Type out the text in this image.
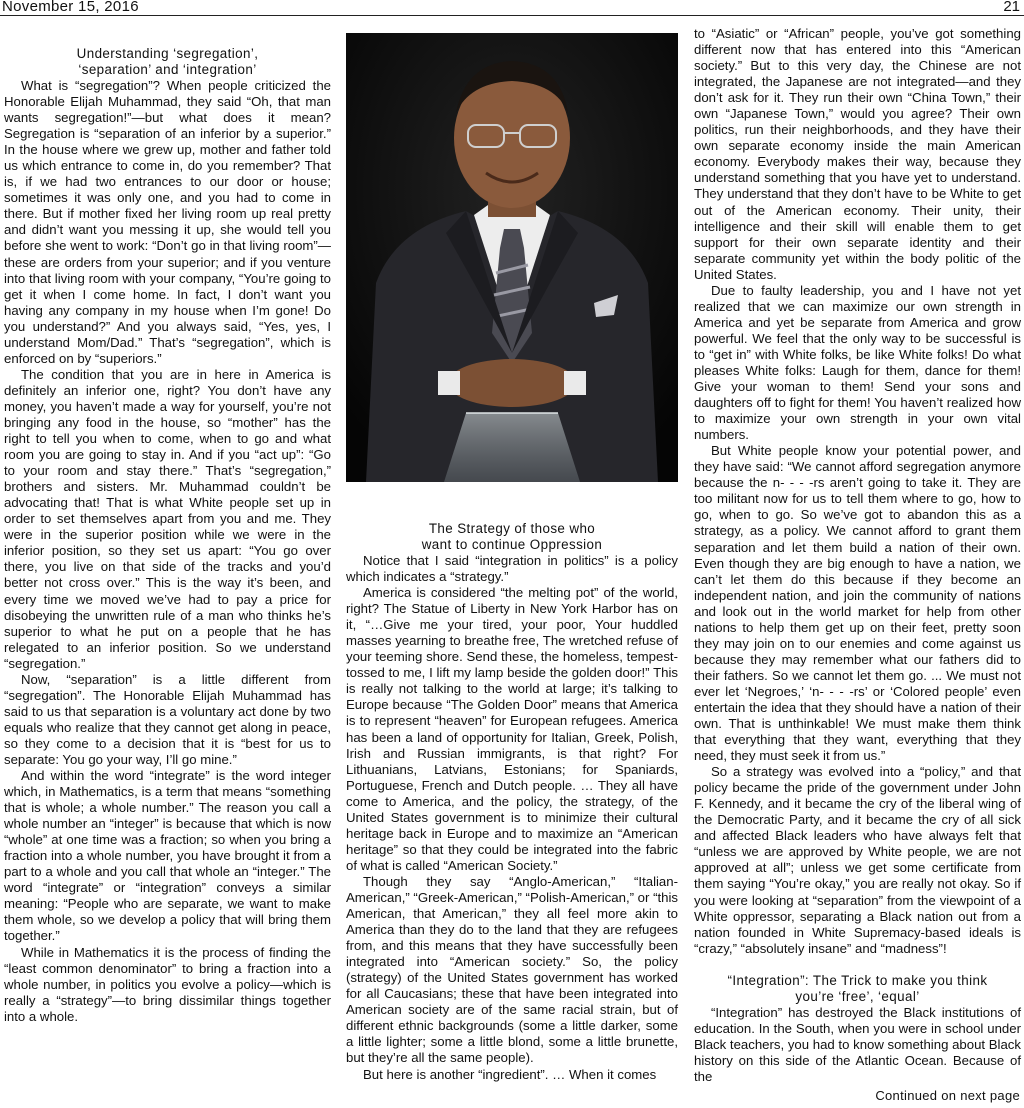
November 15, 2016	21
Understanding ‘segregation’,
‘separation’ and ‘integration’

What is “segregation”? When people criticized the Honorable Elijah Muhammad, they said “Oh, that man wants segregation!”—but what does it mean? Segregation is “separation of an inferior by a superior.” In the house where we grew up, mother and father told us which entrance to come in, do you remember? That is, if we had two entrances to our door or house; sometimes it was only one, and you had to come in there. But if mother fixed her living room up real pretty and didn’t want you messing it up, she would tell you before she went to work: “Don’t go in that living room”—these are orders from your superior; and if you venture into that living room with your company, “You’re going to get it when I come home. In fact, I don’t want you having any company in my house when I’m gone! Do you understand?” And you always said, “Yes, yes, I understand Mom/Dad.” That’s “segregation”, which is enforced on by “superiors.”

The condition that you are in here in America is definitely an inferior one, right? You don’t have any money, you haven’t made a way for yourself, you’re not bringing any food in the house, so “mother” has the right to tell you when to come, when to go and what room you are going to stay in. And if you “act up”: “Go to your room and stay there.” That’s “segregation,” brothers and sisters. Mr. Muhammad couldn’t be advocating that! That is what White people set up in order to set themselves apart from you and me. They were in the superior position while we were in the inferior position, so they set us apart: “You go over there, you live on that side of the tracks and you’d better not cross over.” This is the way it’s been, and every time we moved we’ve had to pay a price for disobeying the unwritten rule of a man who thinks he’s superior to what he put on a people that he has relegated to an inferior position. So we understand “segregation.”

Now, “separation” is a little different from “segregation”. The Honorable Elijah Muhammad has said to us that separation is a voluntary act done by two equals who realize that they cannot get along in peace, so they come to a decision that it is “best for us to separate: You go your way, I’ll go mine.”

And within the word “integrate” is the word integer which, in Mathematics, is a term that means “something that is whole; a whole number.” The reason you call a whole number an “integer” is because that which is now “whole” at one time was a fraction; so when you bring a fraction into a whole number, you have brought it from a part to a whole and you call that whole an “integer.” The word “integrate” or “integration” conveys a similar meaning: “People who are separate, we want to make them whole, so we develop a policy that will bring them together.”

While in Mathematics it is the process of finding the “least common denominator” to bring a fraction into a whole number, in politics you evolve a policy—which is really a “strategy”—to bring dissimilar things together into a whole.

The Strategy of those who
want to continue Oppression

Notice that I said “integration in politics” is a policy which indicates a “strategy.”

America is considered “the melting pot” of the world, right? The Statue of Liberty in New York Harbor has on it, “…Give me your tired, your poor, Your huddled masses yearning to breathe free, The wretched refuse of your teeming shore. Send these, the homeless, tempest-tossed to me, I lift my lamp beside the golden door!” This is really not talking to the world at large; it’s talking to Europe because “The Golden Door” means that America is to represent “heaven” for European refugees. America has been a land of opportunity for Italian, Greek, Polish, Irish and Russian immigrants, is that right? For Lithuanians, Latvians, Estonians; for Spaniards, Portuguese, French and Dutch people. … They all have come to America, and the policy, the strategy, of the United States government is to minimize their cultural heritage back in Europe and to maximize an “American heritage” so that they could be integrated into the fabric of what is called “American Society.”

Though they say “Anglo-American,” “Italian-American,” “Greek-American,” “Polish-American,” or “this American, that American,” they all feel more akin to America than they do to the land that they are refugees from, and this means that they have successfully been integrated into “American society.” So, the policy (strategy) of the United States government has worked for all Caucasians; these that have been integrated into American society are of the same racial strain, but of different ethnic backgrounds (some a little darker, some a little lighter; some a little blond, some a little brunette, but they’re all the same people).

But here is another “ingredient”. … When it comes

to “Asiatic” or “African” people, you’ve got something different now that has entered into this “American society.” But to this very day, the Chinese are not integrated, the Japanese are not integrated—and they don’t ask for it. They run their own “China Town,” their own “Japanese Town,” would you agree? Their own politics, run their neighborhoods, and they have their own separate economy inside the main American economy. Everybody makes their way, because they understand something that you have yet to understand. They understand that they don’t have to be White to get out of the American economy. Their unity, their intelligence and their skill will enable them to get support for their own separate identity and their separate community yet within the body politic of the United States.

Due to faulty leadership, you and I have not yet realized that we can maximize our own strength in America and yet be separate from America and grow powerful. We feel that the only way to be successful is to “get in” with White folks, be like White folks! Do what pleases White folks: Laugh for them, dance for them! Give your woman to them! Send your sons and daughters off to fight for them! You haven’t realized how to maximize your own strength in your own vital numbers.

But White people know your potential power, and they have said: “We cannot afford segregation anymore because the n- - - -rs aren’t going to take it. They are too militant now for us to tell them where to go, how to go, when to go. So we’ve got to abandon this as a strategy, as a policy. We cannot afford to grant them separation and let them build a nation of their own. Even though they are big enough to have a nation, we can’t let them do this because if they become an independent nation, and join the community of nations and look out in the world market for help from other nations to help them get up on their feet, pretty soon they may join on to our enemies and come against us because they may remember what our fathers did to their fathers. So we cannot let them go. ... We must not ever let ‘Negroes,’ ‘n- - - -rs’ or ‘Colored people’ even entertain the idea that they should have a nation of their own. That is unthinkable! We must make them think that everything that they want, everything that they need, they must seek it from us.”

So a strategy was evolved into a “policy,” and that policy became the pride of the government under John F. Kennedy, and it became the cry of the liberal wing of the Democratic Party, and it became the cry of all sick and affected Black leaders who have always felt that “unless we are approved by White people, we are not approved at all”; unless we get some certificate from them saying “You’re okay,” you are really not okay. So if you were looking at “separation” from the viewpoint of a White oppressor, separating a Black nation out from a nation founded in White Supremacy-based ideals is “crazy,” “absolutely insane” and “madness”!

“Integration”: The Trick to make you think
you’re ‘free’, ‘equal’

“Integration” has destroyed the Black institutions of education. In the South, when you were in school under Black teachers, you had to know something about Black history on this side of the Atlantic Ocean. Because of the

Continued on next page
